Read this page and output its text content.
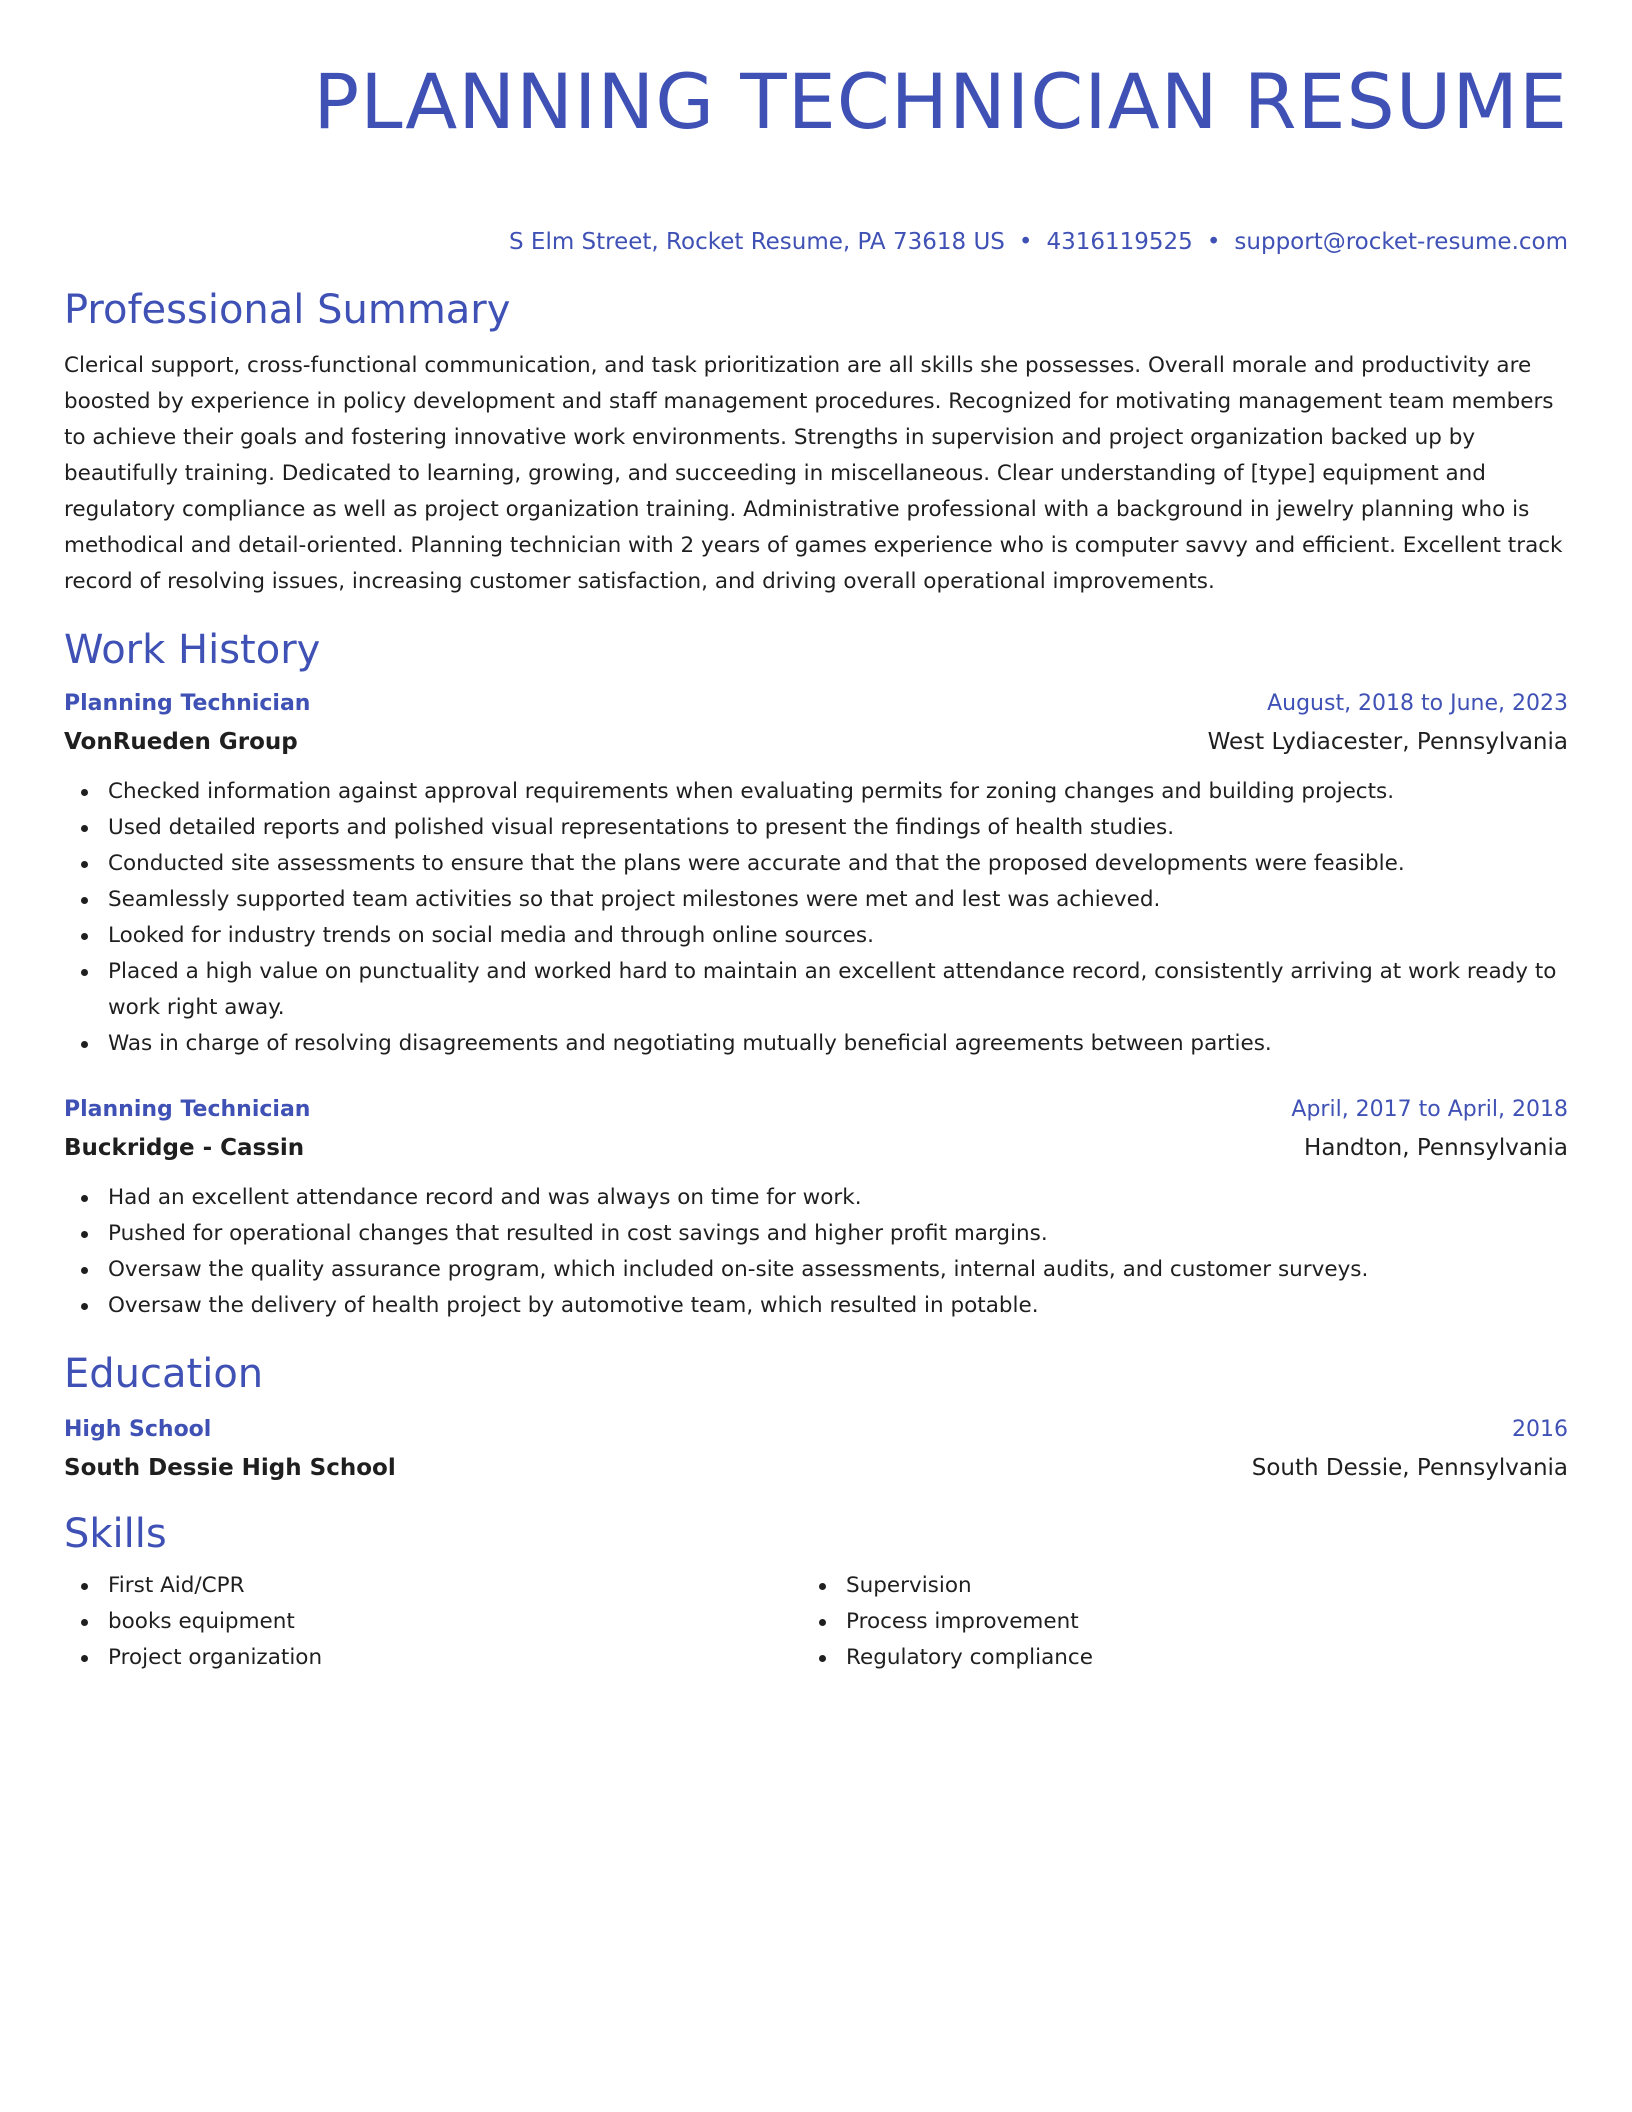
PLANNING TECHNICIAN RESUME
S Elm Street, Rocket Resume, PA 73618 US • 4316119525 • support@rocket-resume.com
Professional Summary

Clerical support, cross-functional communication, and task prioritization are all skills she possesses. Overall morale and productivity are boosted by experience in policy development and staff management procedures. Recognized for motivating management team members to achieve their goals and fostering innovative work environments. Strengths in supervision and project organization backed up by beautifully training. Dedicated to learning, growing, and succeeding in miscellaneous. Clear understanding of [type] equipment and regulatory compliance as well as project organization training. Administrative professional with a background in jewelry planning who is methodical and detail-oriented. Planning technician with 2 years of games experience who is computer savvy and efficient. Excellent track record of resolving issues, increasing customer satisfaction, and driving overall operational improvements.

Work History
Planning Technician	August, 2018 to June, 2023
VonRueden Group	West Lydiacester, Pennsylvania
Checked information against approval requirements when evaluating permits for zoning changes and building projects.
Used detailed reports and polished visual representations to present the findings of health studies.
Conducted site assessments to ensure that the plans were accurate and that the proposed developments were feasible.
Seamlessly supported team activities so that project milestones were met and lest was achieved.
Looked for industry trends on social media and through online sources.
Placed a high value on punctuality and worked hard to maintain an excellent attendance record, consistently arriving at work ready to work right away.
Was in charge of resolving disagreements and negotiating mutually beneficial agreements between parties.
Planning Technician	April, 2017 to April, 2018
Buckridge - Cassin	Handton, Pennsylvania
Had an excellent attendance record and was always on time for work.
Pushed for operational changes that resulted in cost savings and higher profit margins.
Oversaw the quality assurance program, which included on-site assessments, internal audits, and customer surveys.
Oversaw the delivery of health project by automotive team, which resulted in potable.
Education
High School	2016
South Dessie High School	South Dessie, Pennsylvania
Skills
First Aid/CPR
books equipment
Project organization
Supervision
Process improvement
Regulatory compliance
